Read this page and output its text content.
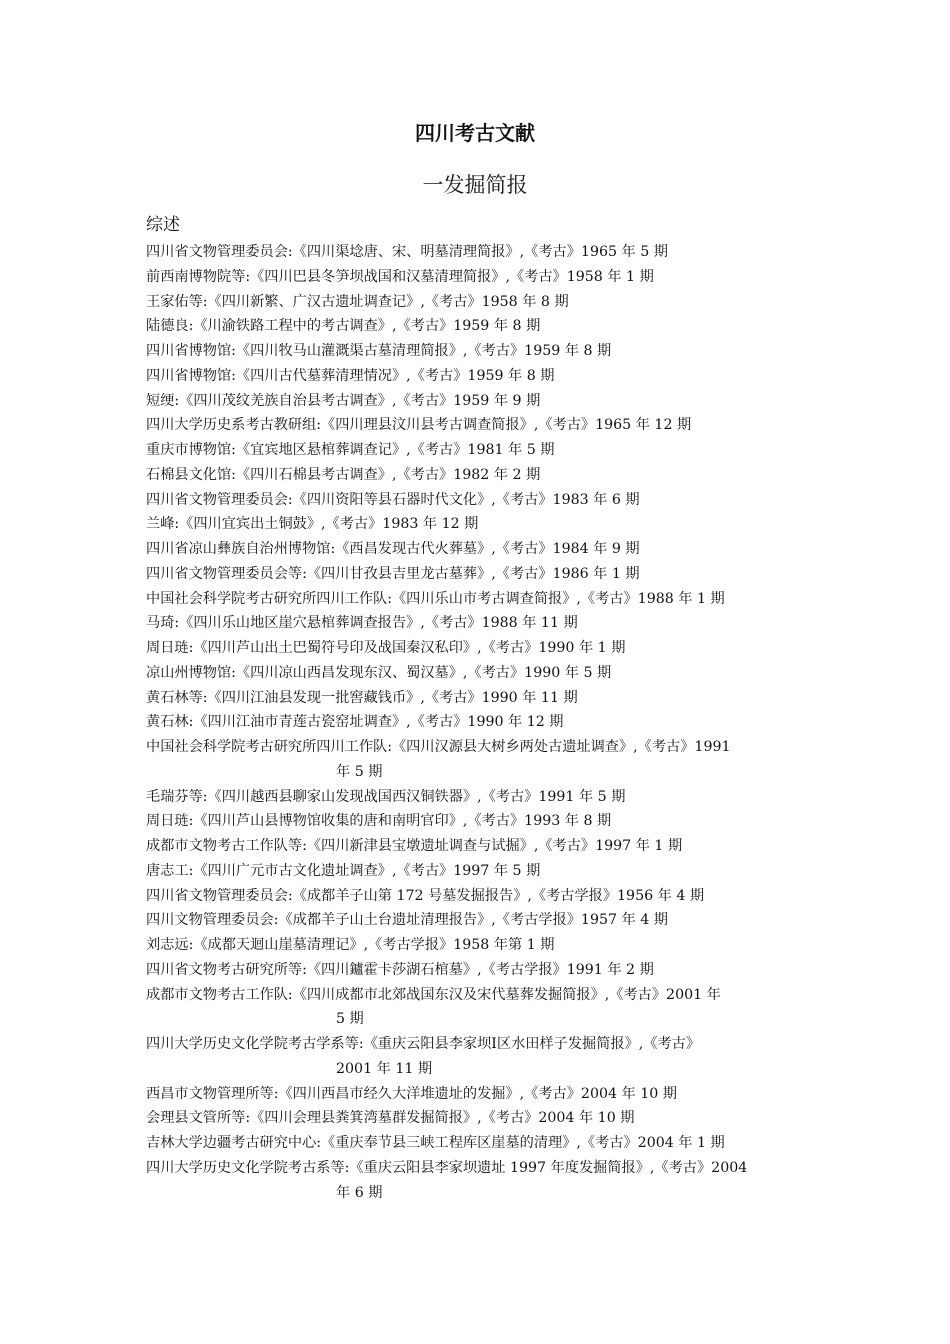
四川考古文献
一发掘简报
综述
四川省文物管理委员会:《四川渠埝唐、宋、明墓清理简报》,《考古》1965 年 5 期
前西南博物院等:《四川巴县冬笋坝战国和汉墓清理简报》,《考古》1958 年 1 期
王家佑等:《四川新繁、广汉古遗址调查记》,《考古》1958 年 8 期
陆德良:《川渝铁路工程中的考古调查》,《考古》1959 年 8 期
四川省博物馆:《四川牧马山灌溉渠古墓清理简报》,《考古》1959 年 8 期
四川省博物馆:《四川古代墓葬清理情况》,《考古》1959 年 8 期
短绠:《四川茂纹羌族自治县考古调查》,《考古》1959 年 9 期
四川大学历史系考古教研组:《四川理县汶川县考古调查简报》,《考古》1965 年 12 期
重庆市博物馆:《宜宾地区悬棺葬调查记》,《考古》1981 年 5 期
石棉县文化馆:《四川石棉县考古调查》,《考古》1982 年 2 期
四川省文物管理委员会:《四川资阳等县石器时代文化》,《考古》1983 年 6 期
兰峰:《四川宜宾出土铜鼓》,《考古》1983 年 12 期
四川省凉山彝族自治州博物馆:《西昌发现古代火葬墓》,《考古》1984 年 9 期
四川省文物管理委员会等:《四川甘孜县吉里龙古墓葬》,《考古》1986 年 1 期
中国社会科学院考古研究所四川工作队:《四川乐山市考古调查简报》,《考古》1988 年 1 期
马琦:《四川乐山地区崖穴悬棺葬调查报告》,《考古》1988 年 11 期
周日琏:《四川芦山出土巴蜀符号印及战国秦汉私印》,《考古》1990 年 1 期
凉山州博物馆:《四川凉山西昌发现东汉、蜀汉墓》,《考古》1990 年 5 期
黄石林等:《四川江油县发现一批窖藏钱币》,《考古》1990 年 11 期
黄石林:《四川江油市青莲古瓷窑址调查》,《考古》1990 年 12 期
中国社会科学院考古研究所四川工作队:《四川汉源县大树乡两处古遗址调查》,《考古》1991
年 5 期
毛瑞芬等:《四川越西县聊家山发现战国西汉铜铁器》,《考古》1991 年 5 期
周日琏:《四川芦山县博物馆收集的唐和南明官印》,《考古》1993 年 8 期
成都市文物考古工作队等:《四川新津县宝墩遗址调查与试掘》,《考古》1997 年 1 期
唐志工:《四川广元市古文化遗址调查》,《考古》1997 年 5 期
四川省文物管理委员会:《成都羊子山第 172 号墓发掘报告》,《考古学报》1956 年 4 期
四川文物管理委员会:《成都羊子山土台遗址清理报告》,《考古学报》1957 年 4 期
刘志远:《成都天迴山崖墓清理记》,《考古学报》1958 年第 1 期
四川省文物考古研究所等:《四川鑪霍卡莎湖石棺墓》,《考古学报》1991 年 2 期
成都市文物考古工作队:《四川成都市北郊战国东汉及宋代墓葬发掘简报》,《考古》2001 年
5 期
四川大学历史文化学院考古学系等:《重庆云阳县李家坝Ⅰ区水田样子发掘简报》,《考古》
2001 年 11 期
西昌市文物管理所等:《四川西昌市经久大洋堆遗址的发掘》,《考古》2004 年 10 期
会理县文管所等:《四川会理县粪箕湾墓群发掘简报》,《考古》2004 年 10 期
吉林大学边疆考古研究中心:《重庆奉节县三峡工程库区崖墓的清理》,《考古》2004 年 1 期
四川大学历史文化学院考古系等:《重庆云阳县李家坝遗址 1997 年度发掘简报》,《考古》2004
年 6 期
